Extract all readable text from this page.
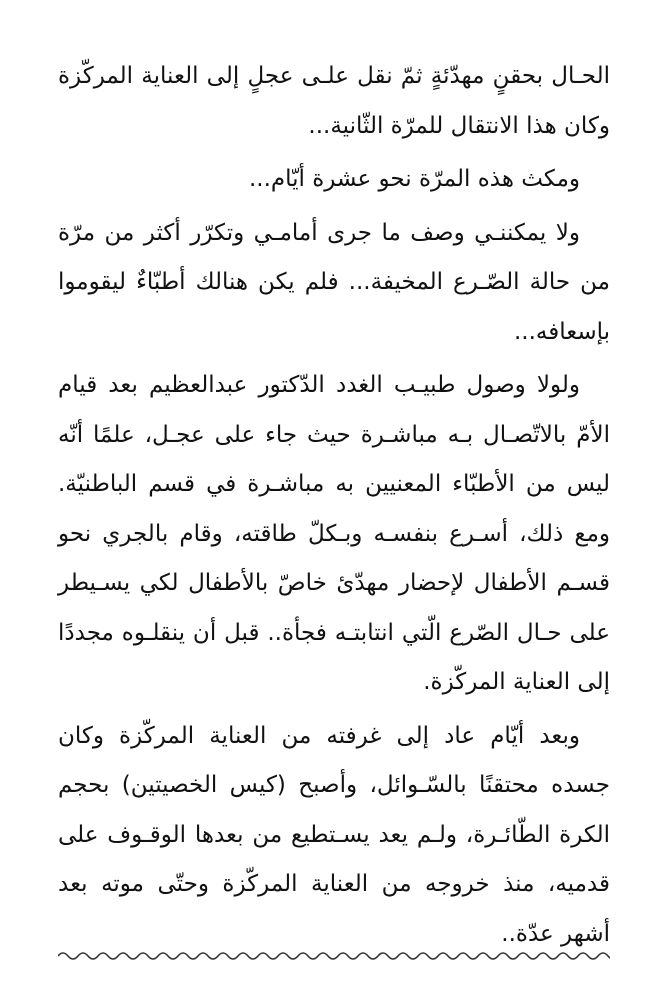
الحـال بحقنٍ مهدّئةٍ ثمّ نقل علـى عجلٍ إلى العناية المركّزة وكان هذا الانتقال للمرّة الثّانية...

ومكث هذه المرّة نحو عشرة أيّام...

ولا يمكننـي وصف ما جرى أمامـي وتكرّر أكثر من مرّة من حالة الصّـرع المخيفة... فلم يكن هنالك أطبّاءٌ ليقوموا بإسعافه...

ولولا وصول طبيـب الغدد الدّكتور عبدالعظيم بعد قيام الأمّ بالاتّصـال بـه مباشـرة حيث جاء على عجـل، علمًا أنّه ليس من الأطبّاء المعنيين به مباشـرة في قسم الباطنيّة. ومع ذلك، أسـرع بنفسـه وبـكلّ طاقته، وقام بالجري نحو قسـم الأطفال لإحضار مهدّئ خاصّ بالأطفال لكي يسـيطر على حـال الصّرع الّتي انتابتـه فجأة.. قبل أن ينقلـوه مجددًا إلى العناية المركّزة.

وبعد أيّام عاد إلى غرفته من العناية المركّزة وكان جسده محتقنًا بالسّـوائل، وأصبح (كيس الخصيتين) بحجم الكرة الطّائـرة، ولـم يعد يسـتطيع من بعدها الوقـوف على قدميه، منذ خروجه من العناية المركّزة وحتّى موته بعد أشهر عدّة..
